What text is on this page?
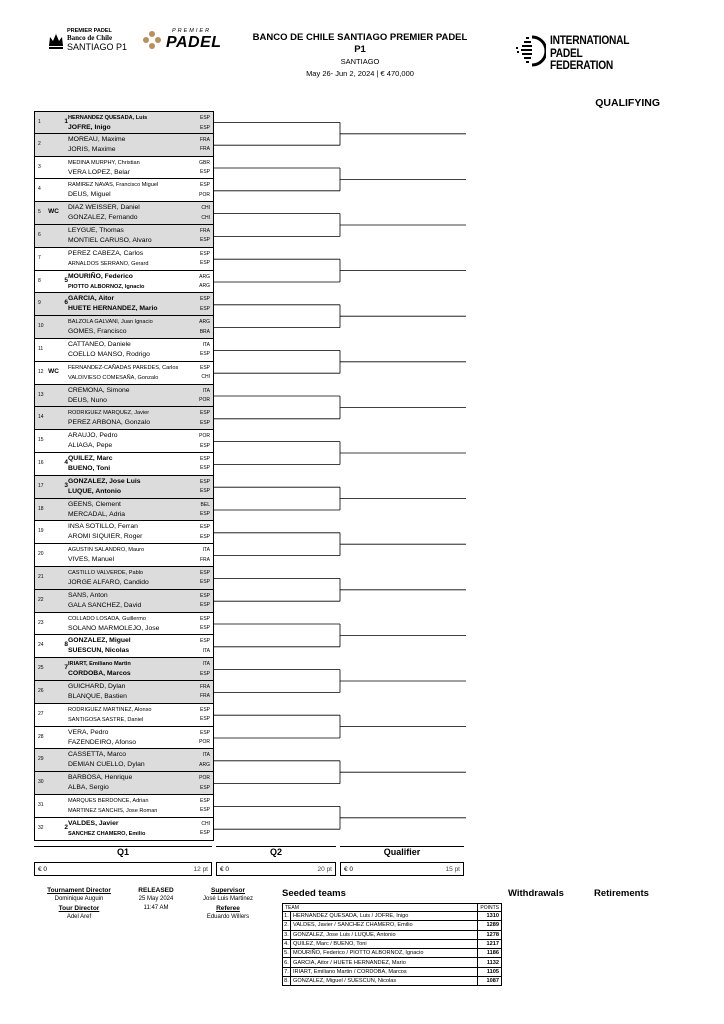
PREMIER PADEL
Banco de Chile
SANTIAGO P1
PREMIER
PADEL	BANCO DE CHILE SANTIAGO PREMIER PADEL
P1
SANTIAGO
May 26- Jun 2, 2024 | € 470,000
INTERNATIONAL
PADEL
FEDERATION
QUALIFYING
1	1 HERNANDEZ QUESADA, Luis
JOFRE, Inigo
ESP
ESP
2
MOREAU, Maxime
JORIS, Maxime
FRA
FRA
3
MEDINA MURPHY, Christian
VERA LOPEZ, Belar
GBR
ESP
4
RAMIREZ NAVAS, Francisco Miguel
DEUS, Miguel
ESP
POR
5	WC
DIAZ WEISSER, Daniel
GONZALEZ, Fernando
CHI
CHI
6
LEYGUE, Thomas
MONTIEL CARUSO, Alvaro
FRA
ESP
7
PEREZ CABEZA, Carlos
ARNALDOS SERRANO, Gerard
ESP
ESP
8	5
MOURIÑO, Federico
PIOTTO ALBORNOZ, Ignacio
ARG
ARG
9	6
GARCIA, Aitor
HUETE HERNANDEZ, Mario
ESP
ESP
10
BALZOLA GALVANI, Juan Ignacio
GOMES, Francisco
ARG
BRA
11
CATTANEO, Daniele
COELLO MANSO, Rodrigo
ITA
ESP
12 WC FERNANDEZ-CAÑADAS PAREDES, Carlos
VALDIVIESO COMESAÑA, Gonzalo
ESP
CHI
13
CREMONA, Simone
DEUS, Nuno
ITA
POR
14
RODRIGUEZ MARQUEZ, Javier
PEREZ ARBONA, Gonzalo
ESP
ESP
15
ARAUJO, Pedro
ALIAGA, Pepe
POR
ESP
16	4
QUILEZ, Marc
BUENO, Toni
ESP
ESP
17	3
GONZALEZ, Jose Luis
LUQUE, Antonio
ESP
ESP
18
GEENS, Clement
MERCADAL, Adria
BEL
ESP
19
INSA SOTILLO, Ferran
AROMI SIQUIER, Roger
ESP
ESP
20
AGUSTIN SALANDRO, Mauro
VIVES, Manuel
ITA
FRA
21
CASTILLO VALVERDE, Pablo
JORGE ALFARO, Candido
ESP
ESP
22
SANS, Anton
GALA SANCHEZ, David
ESP
ESP
23
COLLADO LOSADA, Guillermo
SOLANO MARMOLEJO, Jose
ESP
ESP
24	8
GONZALEZ, Miguel
SUESCUN, Nicolas
ESP
ITA
25	7 IRIART, Emiliano Martin
CORDOBA, Marcos
ITA
ESP
26
GUICHARD, Dylan
BLANQUE, Bastien
FRA
FRA
27
RODRIGUEZ MARTINEZ, Alonso
SANTIGOSA SASTRE, Daniel
ESP
ESP
28
VERA, Pedro
FAZENDEIRO, Afonso
ESP
POR
29
CASSETTA, Marco
DEMIAN CUELLO, Dylan
ITA
ARG
30
BARBOSA, Henrique
ALBA, Sergio
POR
ESP
31
MARQUES BERDONCE, Adrian
MARTINEZ SANCHIS, Jose Roman
ESP
ESP
32	2
VALDES, Javier
SANCHEZ CHAMERO, Emilio
CHI
ESP
Q1	Q2	Qualifier
€ 0	12 pt € 0	20 pt € 0	15 pt
Tournament Director
Dominique Auguin
Tour Director
Adel Aref
RELEASED
25 May 2024
11:47 AM
Supervisor
José Luis Martinez
Referee
Eduardo Willers
Seeded teams
TEAM		POINTS
1.	HERNANDEZ QUESADA, Luis / JOFRE, Inigo	1310
2.	VALDES, Javier / SANCHEZ CHAMERO, Emilio	1289
3.	GONZALEZ, Jose Luis / LUQUE, Antonio	1278
4.	QUILEZ, Marc / BUENO, Toni	1217
5.	MOURIÑO, Federico / PIOTTO ALBORNOZ, Ignacio	1186
6.	GARCIA, Aitor / HUETE HERNANDEZ, Mario	1132
7.	IRIART, Emiliano Martin / CORDOBA, Marcos	1105
8.	GONZALEZ, Miguel / SUESCUN, Nicolas	1087
Withdrawals	Retirements
